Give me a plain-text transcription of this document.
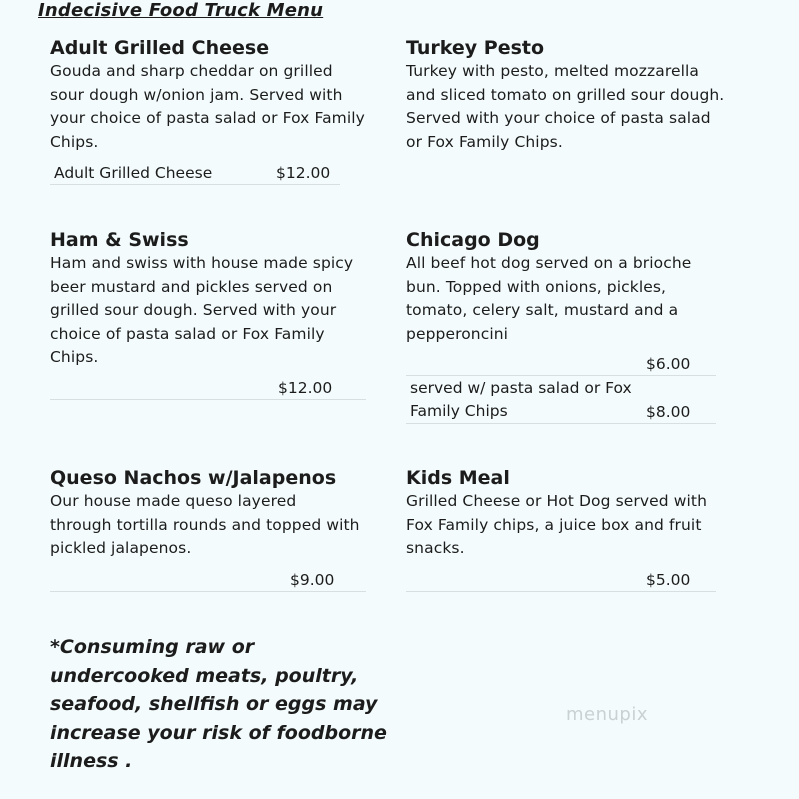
Indecisive Food Truck Menu

Adult Grilled Cheese

Gouda and sharp cheddar on grilled sour dough w/onion jam. Served with your choice of pasta salad or Fox Family Chips.

Adult Grilled Cheese	$12.00

Turkey Pesto

Turkey with pesto, melted mozzarella and sliced tomato on grilled sour dough. Served with your choice of pasta salad or Fox Family Chips.

Ham & Swiss

Ham and swiss with house made spicy beer mustard and pickles served on grilled sour dough. Served with your choice of pasta salad or Fox Family Chips.

$12.00

Chicago Dog

All beef hot dog served on a brioche bun. Topped with onions, pickles, tomato, celery salt, mustard and a pepperoncini

$6.00
served w/ pasta salad or Fox
Family Chips	$8.00

Queso Nachos w/Jalapenos

Our house made queso layered through tortilla rounds and topped with pickled jalapenos.

$9.00

Kids Meal

Grilled Cheese or Hot Dog served with Fox Family chips, a juice box and fruit snacks.

$5.00

*Consuming raw or undercooked meats, poultry, seafood, shellfish or eggs may increase your risk of foodborne illness .

menupix
